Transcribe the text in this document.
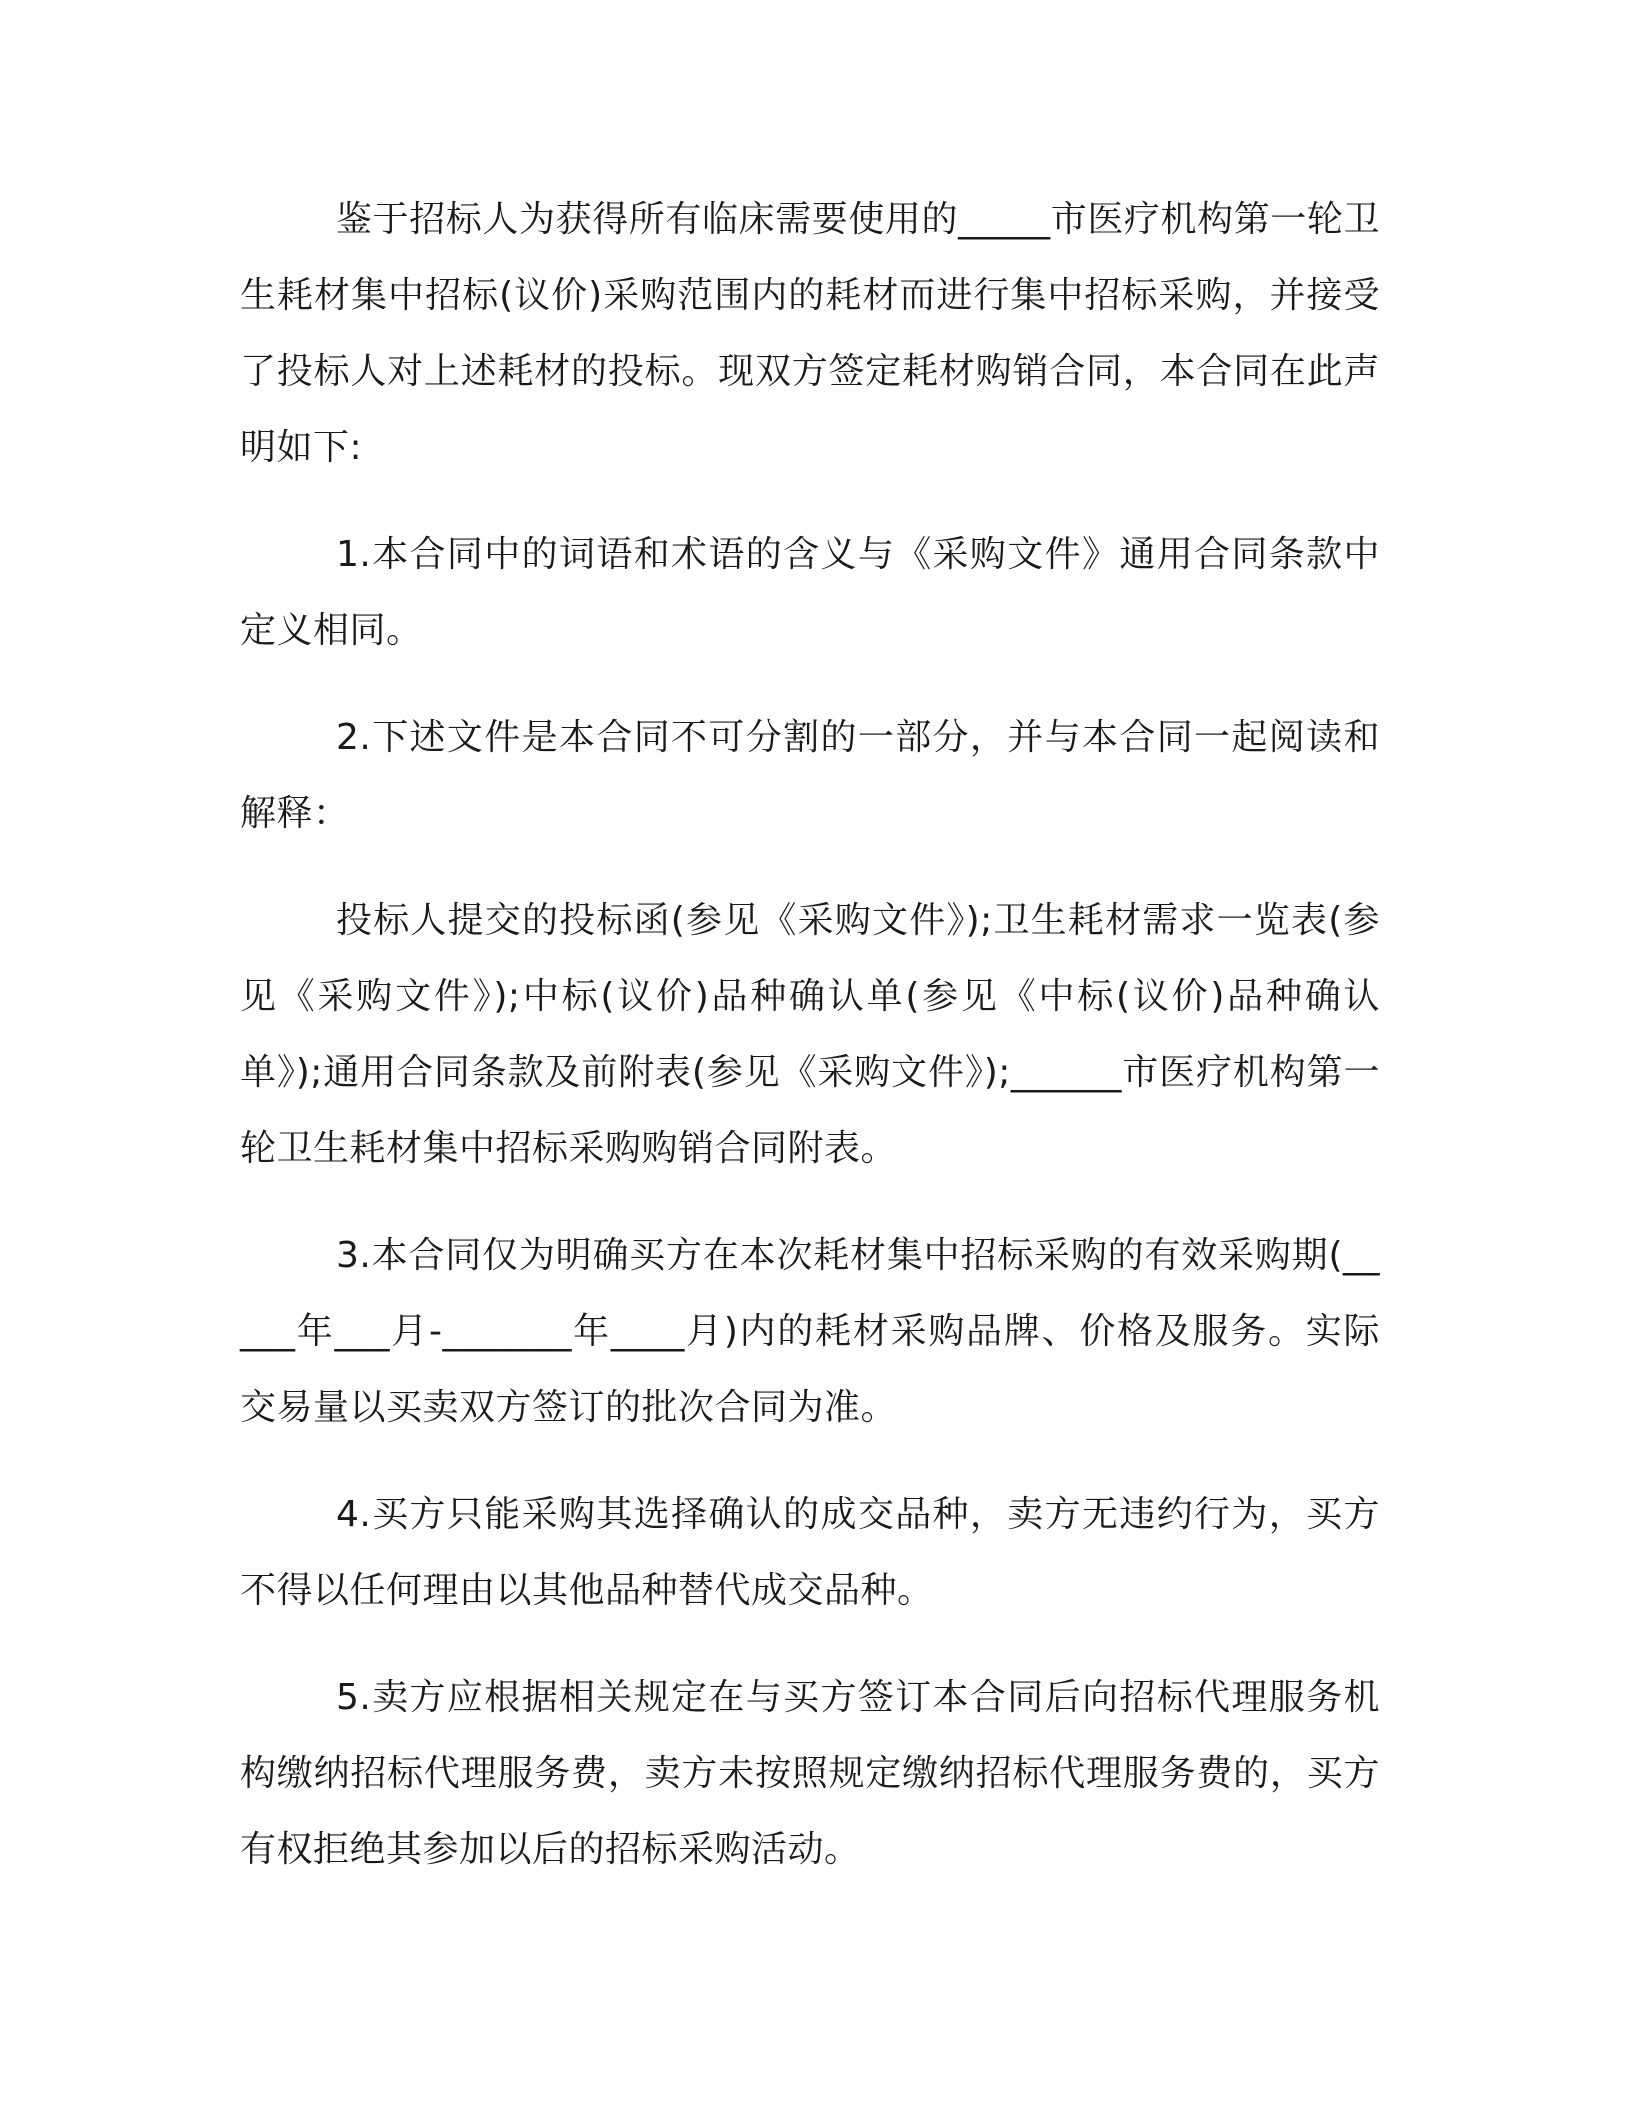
鉴于招标人为获得所有临床需要使用的_____市医疗机构第一轮卫生耗材集中招标(议价)采购范围内的耗材而进行集中招标采购，并接受了投标人对上述耗材的投标。现双方签定耗材购销合同，本合同在此声明如下:

1.本合同中的词语和术语的含义与《采购文件》通用合同条款中定义相同。

2.下述文件是本合同不可分割的一部分，并与本合同一起阅读和解释：

投标人提交的投标函(参见《采购文件》);卫生耗材需求一览表(参见《采购文件》);中标(议价)品种确认单(参见《中标(议价)品种确认单》);通用合同条款及前附表(参见《采购文件》);______市医疗机构第一轮卫生耗材集中招标采购购销合同附表。

3.本合同仅为明确买方在本次耗材集中招标采购的有效采购期(_____年___月-_______年____月)内的耗材采购品牌、价格及服务。实际交易量以买卖双方签订的批次合同为准。

4.买方只能采购其选择确认的成交品种，卖方无违约行为，买方不得以任何理由以其他品种替代成交品种。

5.卖方应根据相关规定在与买方签订本合同后向招标代理服务机构缴纳招标代理服务费，卖方未按照规定缴纳招标代理服务费的，买方有权拒绝其参加以后的招标采购活动。
